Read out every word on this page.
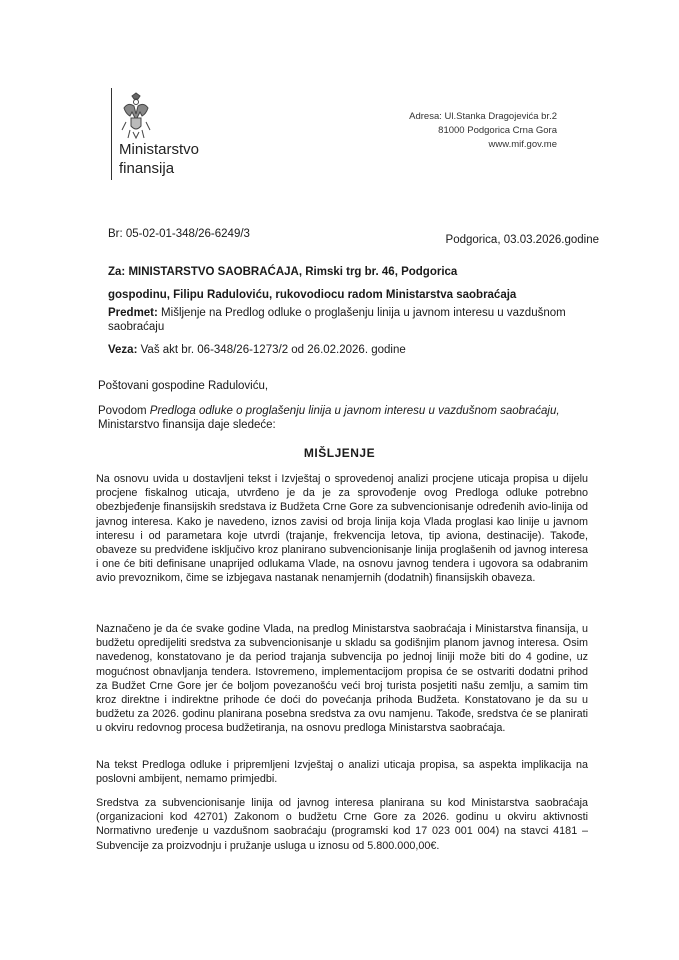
Ministarstvo
finansija
Adresa: Ul.Stanka Dragojevića br.2
81000 Podgorica Crna Gora
www.mif.gov.me
Br: 05-02-01-348/26-6249/3	Podgorica, 03.03.2026.godine
Za: MINISTARSTVO SAOBRAĆAJA, Rimski trg br. 46, Podgorica
gospodinu, Filipu Raduloviću, rukovodiocu radom Ministarstva saobraćaja
Predmet: Mišljenje na Predlog odluke o proglašenju linija u javnom interesu u vazdušnom saobraćaju
Veza: Vaš akt br. 06-348/26-1273/2 od 26.02.2026. godine
Poštovani gospodine Raduloviću,
Povodom Predloga odluke o proglašenju linija u javnom interesu u vazdušnom saobraćaju, Ministarstvo finansija daje sledeće:
MIŠLJENJE
Na osnovu uvida u dostavljeni tekst i Izvještaj o sprovedenoj analizi procjene uticaja propisa u dijelu procjene fiskalnog uticaja, utvrđeno je da je za sprovođenje ovog Predloga odluke potrebno obezbjeđenje finansijskih sredstava iz Budžeta Crne Gore za subvencionisanje određenih avio-linija od javnog interesa. Kako je navedeno, iznos zavisi od broja linija koja Vlada proglasi kao linije u javnom interesu i od parametara koje utvrdi (trajanje, frekvencija letova, tip aviona, destinacije). Takođe, obaveze su predviđene isključivo kroz planirano subvencionisanje linija proglašenih od javnog interesa i one će biti definisane unaprijed odlukama Vlade, na osnovu javnog tendera i ugovora sa odabranim avio prevoznikom, čime se izbjegava nastanak nenamjernih (dodatnih) finansijskih obaveza.
Naznačeno je da će svake godine Vlada, na predlog Ministarstva saobraćaja i Ministarstva finansija, u budžetu opredijeliti sredstva za subvencionisanje u skladu sa godišnjim planom javnog interesa. Osim navedenog, konstatovano je da period trajanja subvencija po jednoj liniji može biti do 4 godine, uz mogućnost obnavljanja tendera. Istovremeno, implementacijom propisa će se ostvariti dodatni prihod za Budžet Crne Gore jer će boljom povezanošću veći broj turista posjetiti našu zemlju, a samim tim kroz direktne i indirektne prihode će doći do povećanja prihoda Budžeta. Konstatovano je da su u budžetu za 2026. godinu planirana posebna sredstva za ovu namjenu. Takođe, sredstva će se planirati u okviru redovnog procesa budžetiranja, na osnovu predloga Ministarstva saobraćaja.
Na tekst Predloga odluke i pripremljeni Izvještaj o analizi uticaja propisa, sa aspekta implikacija na poslovni ambijent, nemamo primjedbi.
Sredstva za subvencionisanje linija od javnog interesa planirana su kod Ministarstva saobraćaja (organizacioni kod 42701) Zakonom o budžetu Crne Gore za 2026. godinu u okviru aktivnosti Normativno uređenje u vazdušnom saobraćaju (programski kod 17 023 001 004) na stavci 4181 – Subvencije za proizvodnju i pružanje usluga u iznosu od 5.800.000,00€.
